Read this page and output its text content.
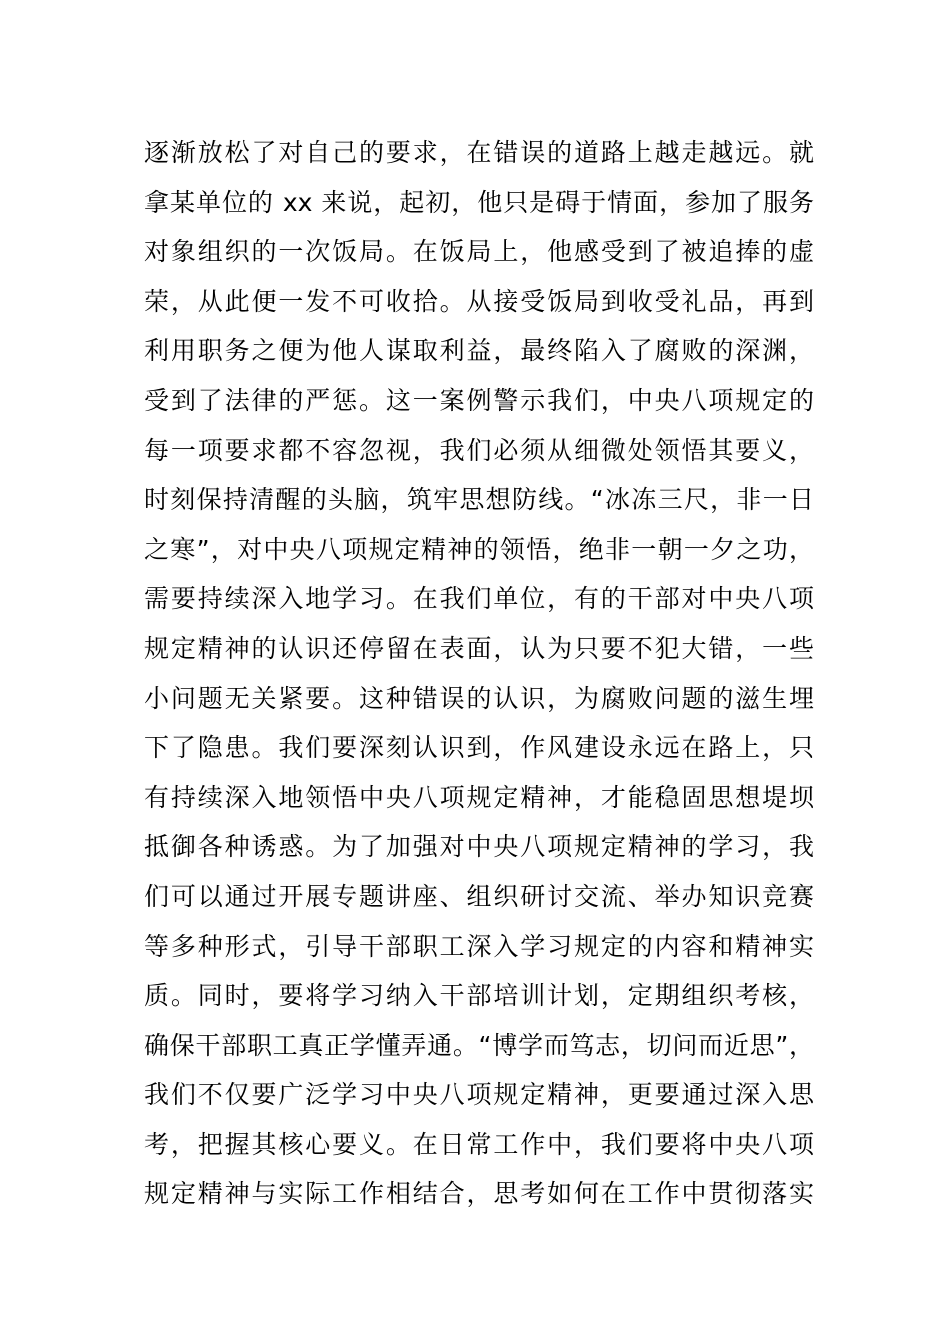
逐渐放松了对自己的要求，在错误的道路上越走越远。就
拿某单位的 xx 来说，起初，他只是碍于情面，参加了服务
对象组织的一次饭局。在饭局上，他感受到了被追捧的虚
荣，从此便一发不可收拾。从接受饭局到收受礼品，再到
利用职务之便为他人谋取利益，最终陷入了腐败的深渊，
受到了法律的严惩。这一案例警示我们，中央八项规定的
每一项要求都不容忽视，我们必须从细微处领悟其要义，
时刻保持清醒的头脑，筑牢思想防线。“冰冻三尺，非一日
之寒”，对中央八项规定精神的领悟，绝非一朝一夕之功，
需要持续深入地学习。在我们单位，有的干部对中央八项
规定精神的认识还停留在表面，认为只要不犯大错，一些
小问题无关紧要。这种错误的认识，为腐败问题的滋生埋
下了隐患。我们要深刻认识到，作风建设永远在路上，只
有持续深入地领悟中央八项规定精神，才能稳固思想堤坝
抵御各种诱惑。为了加强对中央八项规定精神的学习，我
们可以通过开展专题讲座、组织研讨交流、举办知识竞赛
等多种形式，引导干部职工深入学习规定的内容和精神实
质。同时，要将学习纳入干部培训计划，定期组织考核，
确保干部职工真正学懂弄通。“博学而笃志，切问而近思”，
我们不仅要广泛学习中央八项规定精神，更要通过深入思
考，把握其核心要义。在日常工作中，我们要将中央八项
规定精神与实际工作相结合，思考如何在工作中贯彻落实
